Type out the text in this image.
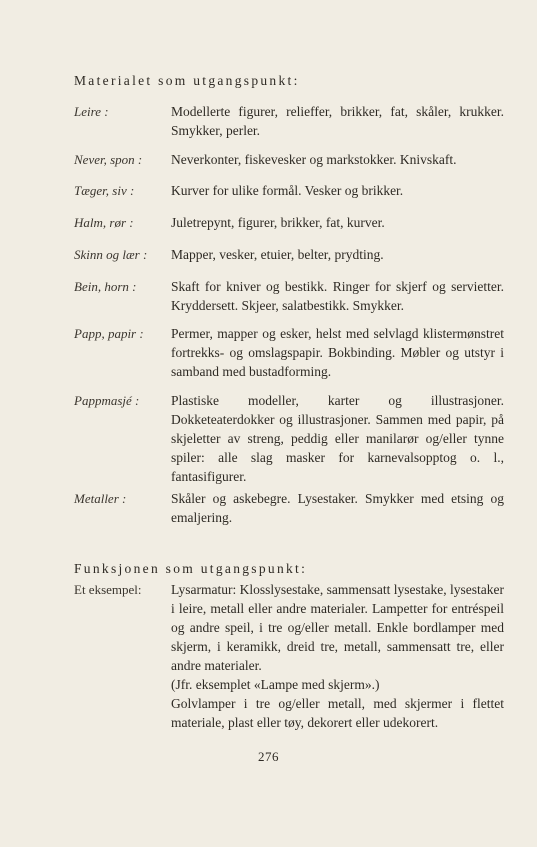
Materialet som utgangspunkt:
Leire :	Modellerte figurer, relieffer, brikker, fat, skåler, krukker. Smykker, perler.
Never, spon :	Neverkonter, fiskevesker og markstokker. Knivskaft.
Tæger, siv :	Kurver for ulike formål. Vesker og brikker.
Halm, rør :	Juletrepynt, figurer, brikker, fat, kurver.
Skinn og lær :	Mapper, vesker, etuier, belter, prydting.
Bein, horn :	Skaft for kniver og bestikk. Ringer for skjerf og servietter. Kryddersett. Skjeer, salatbestikk. Smykker.
Papp, papir :	Permer, mapper og esker, helst med selvlagd klistermønstret fortrekks- og omslagspapir. Bokbinding. Møbler og utstyr i samband med bustadforming.
Pappmasjé :	Plastiske modeller, karter og illustrasjoner. Dokketeaterdokker og illustrasjoner. Sammen med papir, på skjeletter av streng, peddig eller manilarør og/eller tynne spiler: alle slag masker for karnevalsopptog o. l., fantasifigurer.
Metaller :	Skåler og askebegre. Lysestaker. Smykker med etsing og emaljering.
Funksjonen som utgangspunkt:
Et eksempel:	Lysarmatur: Klosslysestake, sammensatt lysestake, lysestaker i leire, metall eller andre materialer. Lampetter for entréspeil og andre speil, i tre og/eller metall. Enkle bordlamper med skjerm, i keramikk, dreid tre, metall, sammensatt tre, eller andre materialer.

(Jfr. eksemplet «Lampe med skjerm».)

Golvlamper i tre og/eller metall, med skjermer i flettet materiale, plast eller tøy, dekorert eller udekorert.

276
